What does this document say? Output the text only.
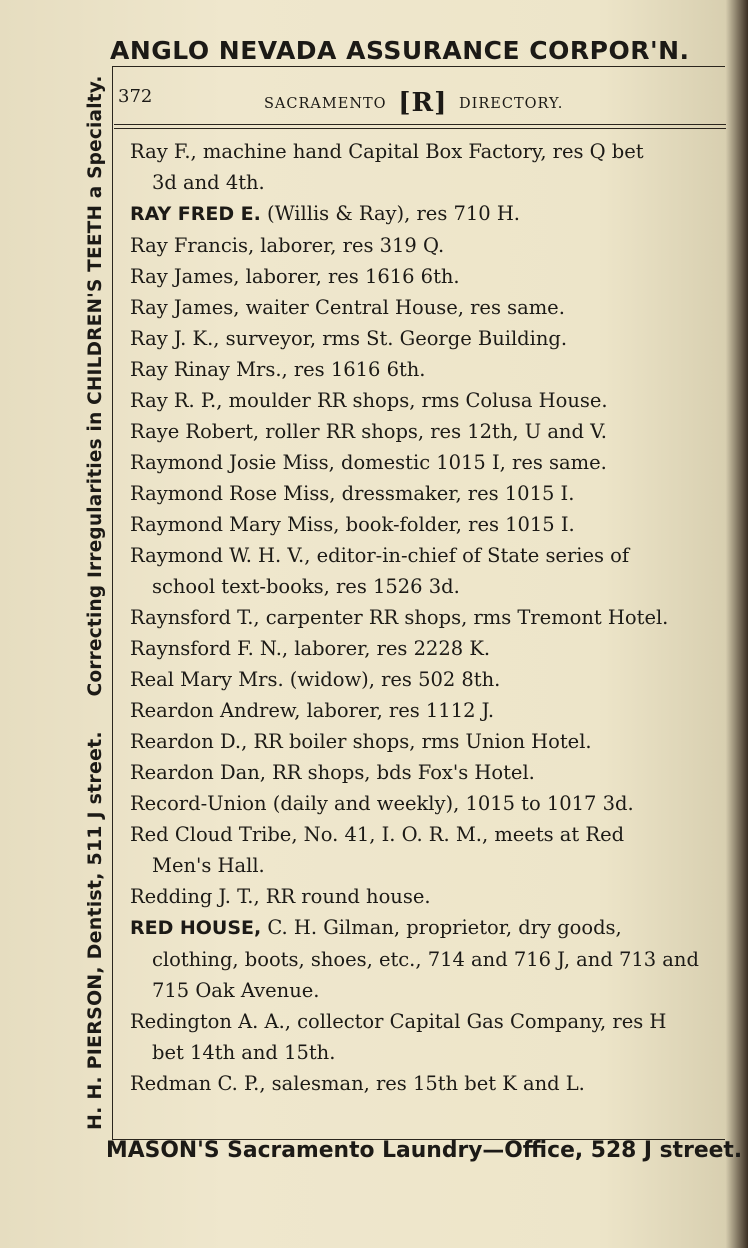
ANGLO NEVADA ASSURANCE CORPOR'N.
H. H. PIERSON, Dentist, 511 J street. Correcting Irregularities in CHILDREN'S TEETH a Specialty. 372	SACRAMENTO [R] DIRECTORY.
Ray F., machine hand Capital Box Factory, res Q bet
3d and 4th.
RAY FRED E. (Willis & Ray), res 710 H.
Ray Francis, laborer, res 319 Q.
Ray James, laborer, res 1616 6th.
Ray James, waiter Central House, res same.
Ray J. K., surveyor, rms St. George Building.
Ray Rinay Mrs., res 1616 6th.
Ray R. P., moulder RR shops, rms Colusa House.
Raye Robert, roller RR shops, res 12th, U and V.
Raymond Josie Miss, domestic 1015 I, res same.
Raymond Rose Miss, dressmaker, res 1015 I.
Raymond Mary Miss, book-folder, res 1015 I.
Raymond W. H. V., editor-in-chief of State series of
school text-books, res 1526 3d.
Raynsford T., carpenter RR shops, rms Tremont Hotel.
Raynsford F. N., laborer, res 2228 K.
Real Mary Mrs. (widow), res 502 8th.
Reardon Andrew, laborer, res 1112 J.
Reardon D., RR boiler shops, rms Union Hotel.
Reardon Dan, RR shops, bds Fox's Hotel.
Record-Union (daily and weekly), 1015 to 1017 3d.
Red Cloud Tribe, No. 41, I. O. R. M., meets at Red
Men's Hall.
Redding J. T., RR round house.
RED HOUSE, C. H. Gilman, proprietor, dry goods,
clothing, boots, shoes, etc., 714 and 716 J, and 713 and
715 Oak Avenue.
Redington A. A., collector Capital Gas Company, res H
bet 14th and 15th.
Redman C. P., salesman, res 15th bet K and L.
MASON'S Sacramento Laundry—Office, 528 J street.
